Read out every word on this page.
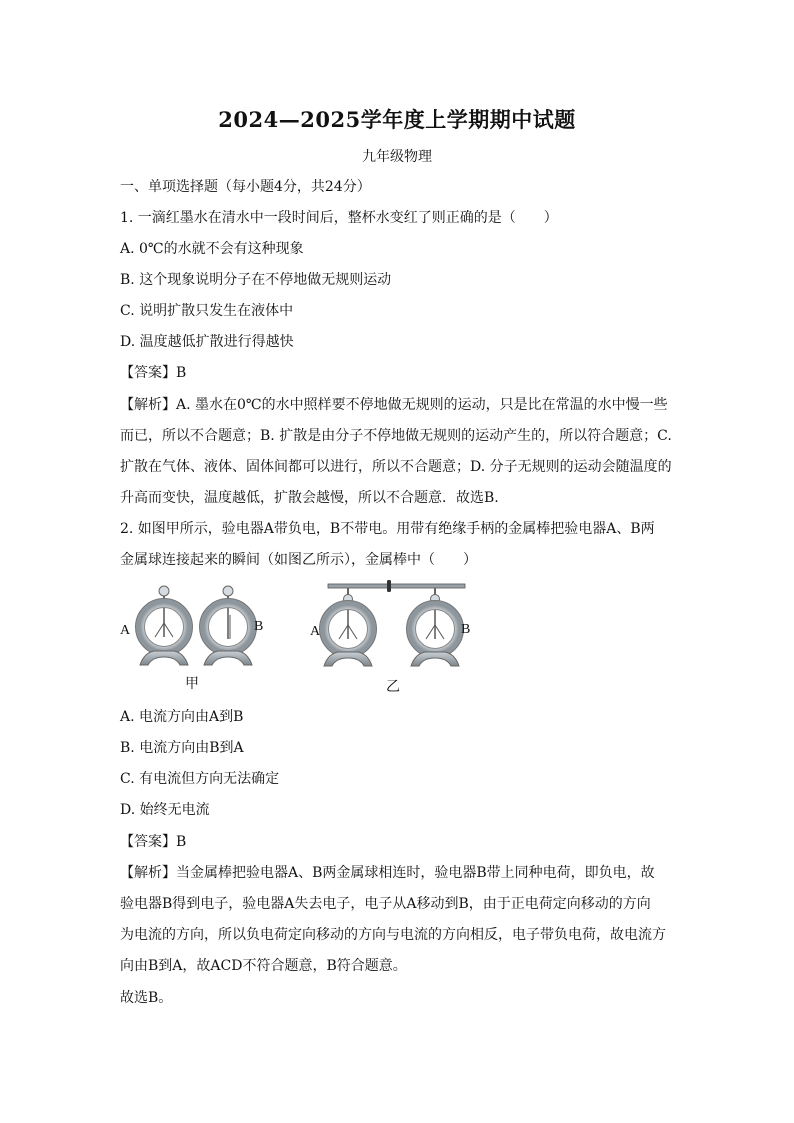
2024—2025学年度上学期期中试题
九年级物理
一、单项选择题（每小题4分，共24分）
1. 一滴红墨水在清水中一段时间后，整杯水变红了则正确的是（　　）
A. 0℃的水就不会有这种现象
B. 这个现象说明分子在不停地做无规则运动
C. 说明扩散只发生在液体中
D. 温度越低扩散进行得越快
【答案】B
【解析】A. 墨水在0℃的水中照样要不停地做无规则的运动，只是比在常温的水中慢一些
而已，所以不合题意；B. 扩散是由分子不停地做无规则的运动产生的，所以符合题意；C.
扩散在气体、液体、固体间都可以进行，所以不合题意；D. 分子无规则的运动会随温度的
升高而变快，温度越低，扩散会越慢，所以不合题意．故选B.
2. 如图甲所示，验电器A带负电，B不带电。用带有绝缘手柄的金属棒把验电器A、B两
金属球连接起来的瞬间（如图乙所示），金属棒中（　　）
A	B	A	B
甲	乙
A. 电流方向由A到B
B. 电流方向由B到A
C. 有电流但方向无法确定
D. 始终无电流
【答案】B
【解析】当金属棒把验电器A、B两金属球相连时，验电器B带上同种电荷，即负电，故
验电器B得到电子，验电器A失去电子，电子从A移动到B，由于正电荷定向移动的方向
为电流的方向，所以负电荷定向移动的方向与电流的方向相反，电子带负电荷，故电流方
向由B到A，故ACD不符合题意，B符合题意。
故选B。
